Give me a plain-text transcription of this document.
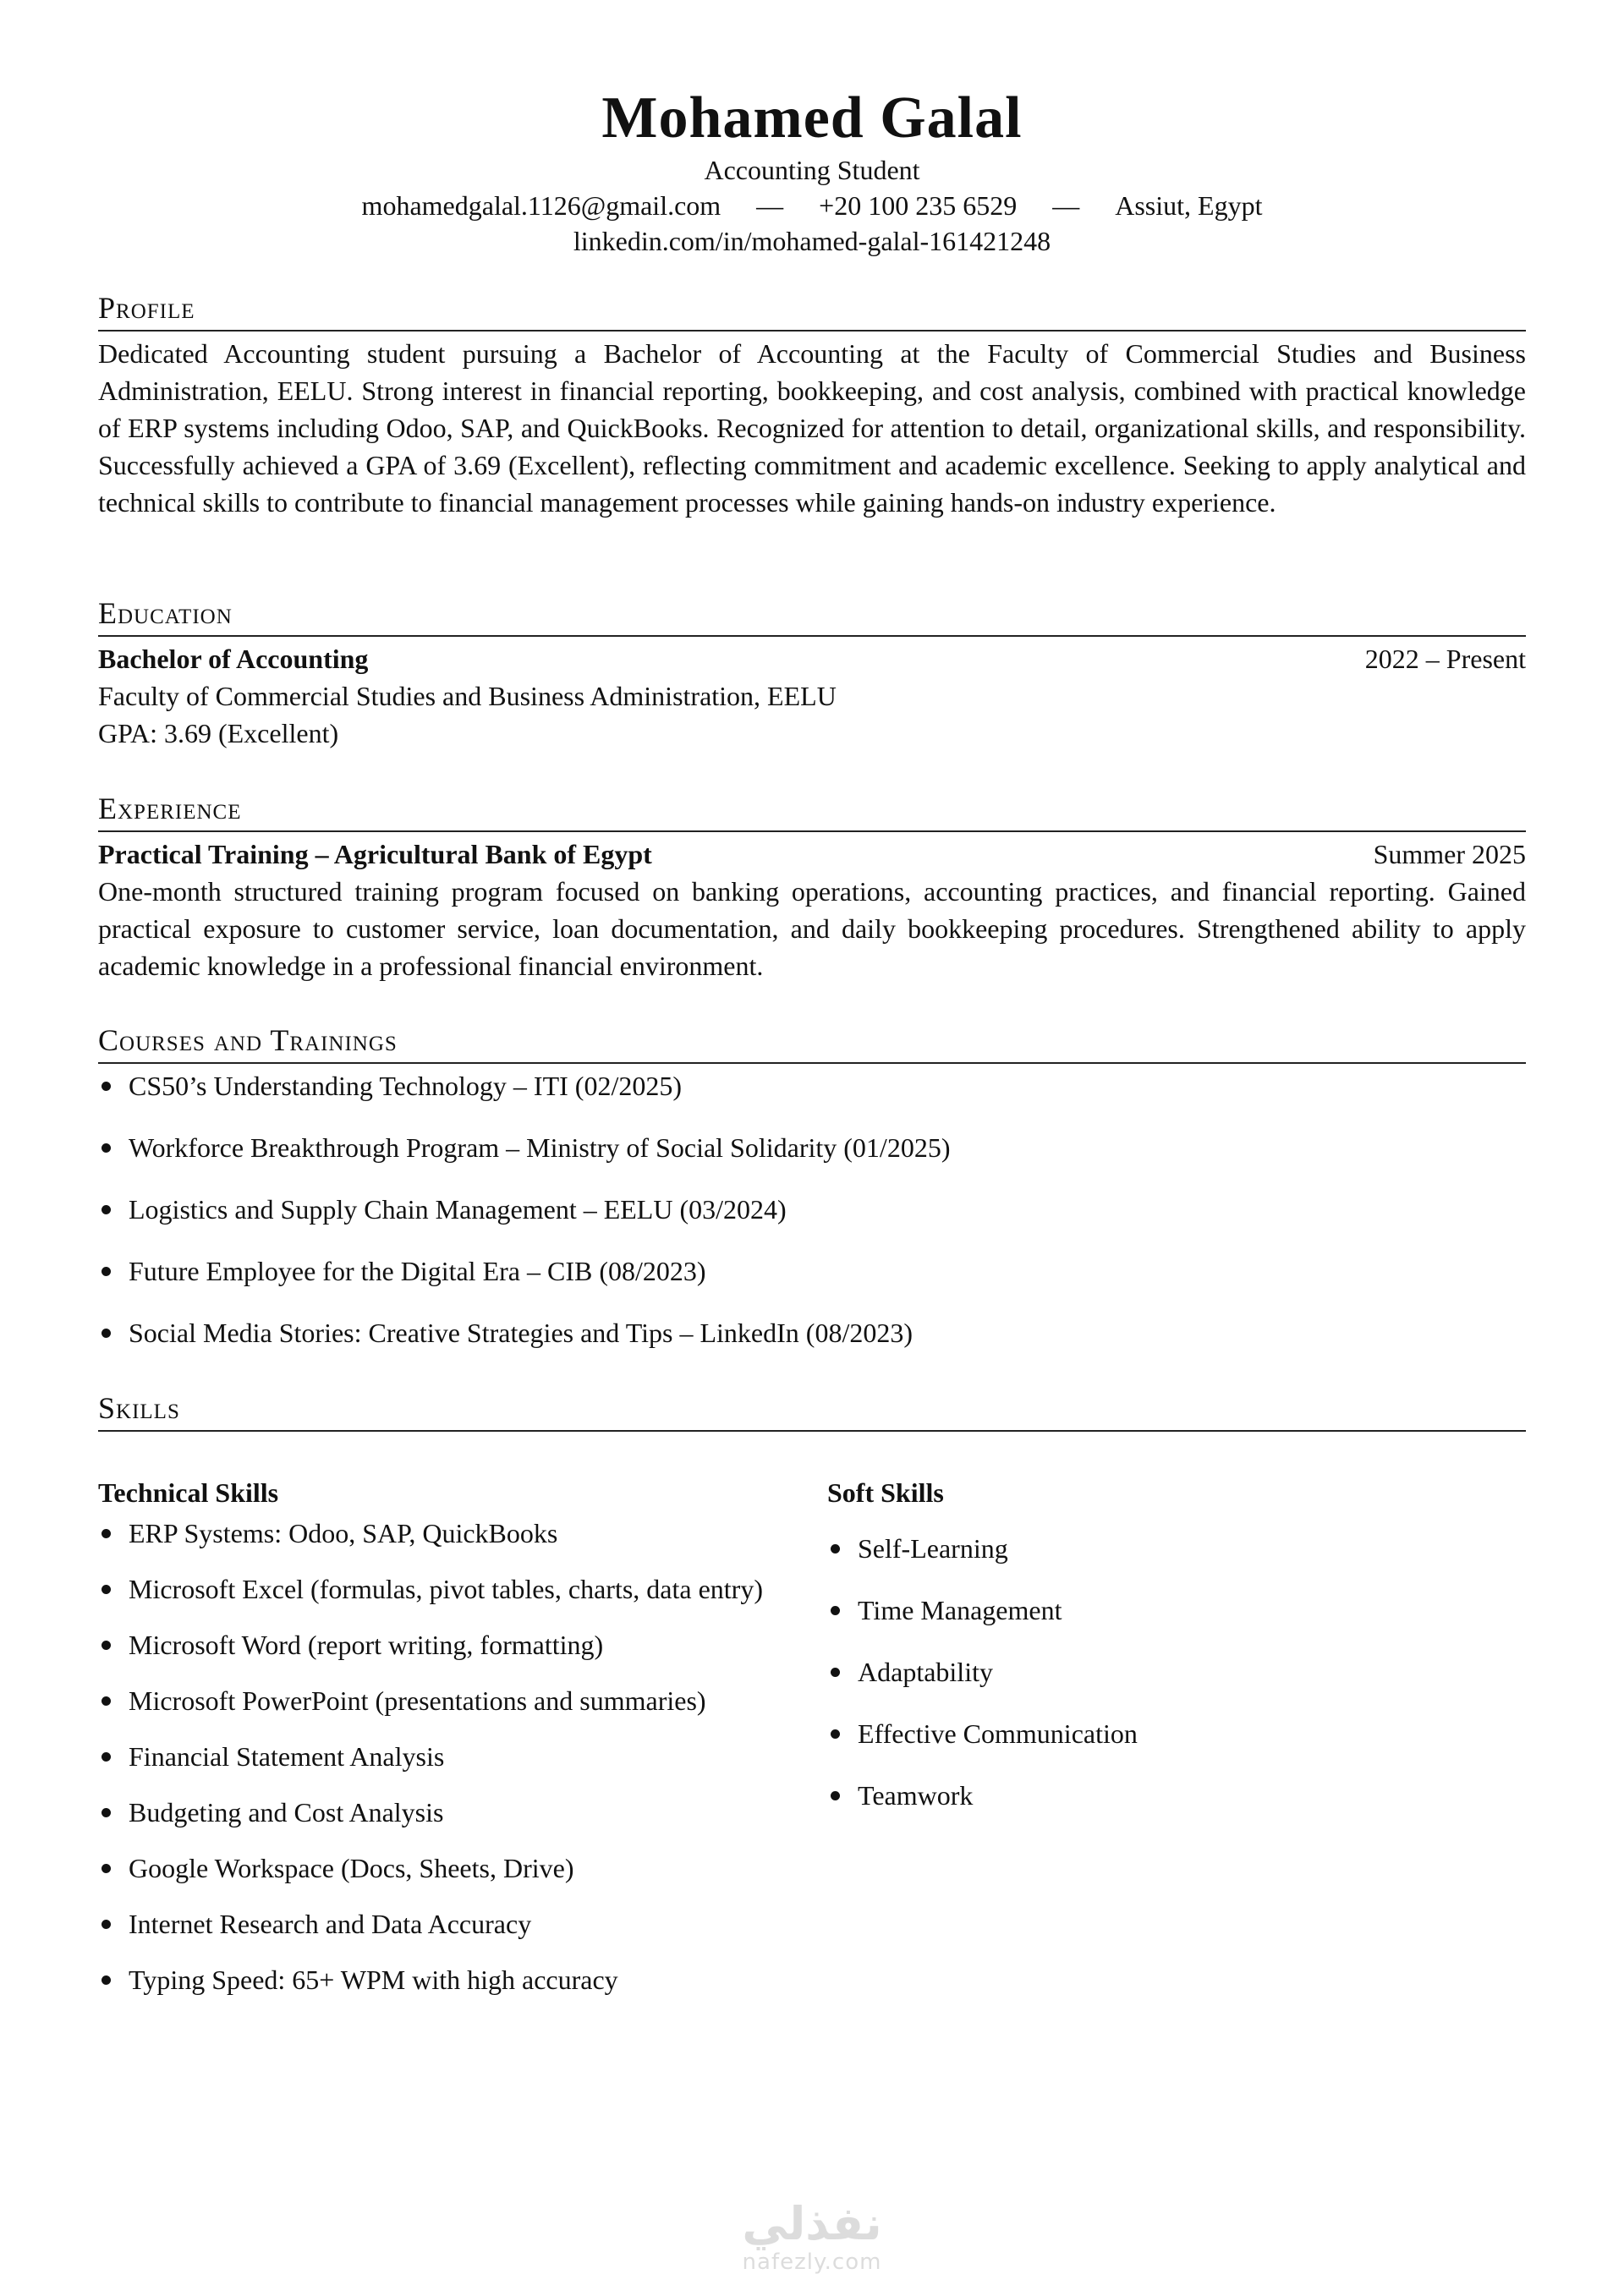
Mohamed Galal
Accounting Student
mohamedgalal.1126@gmail.com — +20 100 235 6529 — Assiut, Egypt
linkedin.com/in/mohamed-galal-161421248
Profile

Dedicated Accounting student pursuing a Bachelor of Accounting at the Faculty of Commercial Studies and Business Administration, EELU. Strong interest in financial reporting, bookkeeping, and cost analysis, combined with practical knowledge of ERP systems including Odoo, SAP, and QuickBooks. Recognized for attention to detail, organizational skills, and responsibility. Successfully achieved a GPA of 3.69 (Excellent), reflecting commitment and academic excellence. Seeking to apply analytical and technical skills to contribute to financial management processes while gaining hands-on industry experience.

Education
Bachelor of Accounting	2022 – Present
Faculty of Commercial Studies and Business Administration, EELU
GPA: 3.69 (Excellent)
Experience
Practical Training – Agricultural Bank of Egypt	Summer 2025

One-month structured training program focused on banking operations, accounting practices, and financial reporting. Gained practical exposure to customer service, loan documentation, and daily bookkeeping procedures. Strengthened ability to apply academic knowledge in a professional financial environment.

Courses and Trainings
CS50’s Understanding Technology – ITI (02/2025)
Workforce Breakthrough Program – Ministry of Social Solidarity (01/2025)
Logistics and Supply Chain Management – EELU (03/2024)
Future Employee for the Digital Era – CIB (08/2023)
Social Media Stories: Creative Strategies and Tips – LinkedIn (08/2023)
Skills
Technical Skills
ERP Systems: Odoo, SAP, QuickBooks
Microsoft Excel (formulas, pivot tables, charts, data entry)
Microsoft Word (report writing, formatting)
Microsoft PowerPoint (presentations and summaries)
Financial Statement Analysis
Budgeting and Cost Analysis
Google Workspace (Docs, Sheets, Drive)
Internet Research and Data Accuracy
Typing Speed: 65+ WPM with high accuracy
Soft Skills
Self-Learning
Time Management
Adaptability
Effective Communication
Teamwork
نفذلي
nafezly.com
